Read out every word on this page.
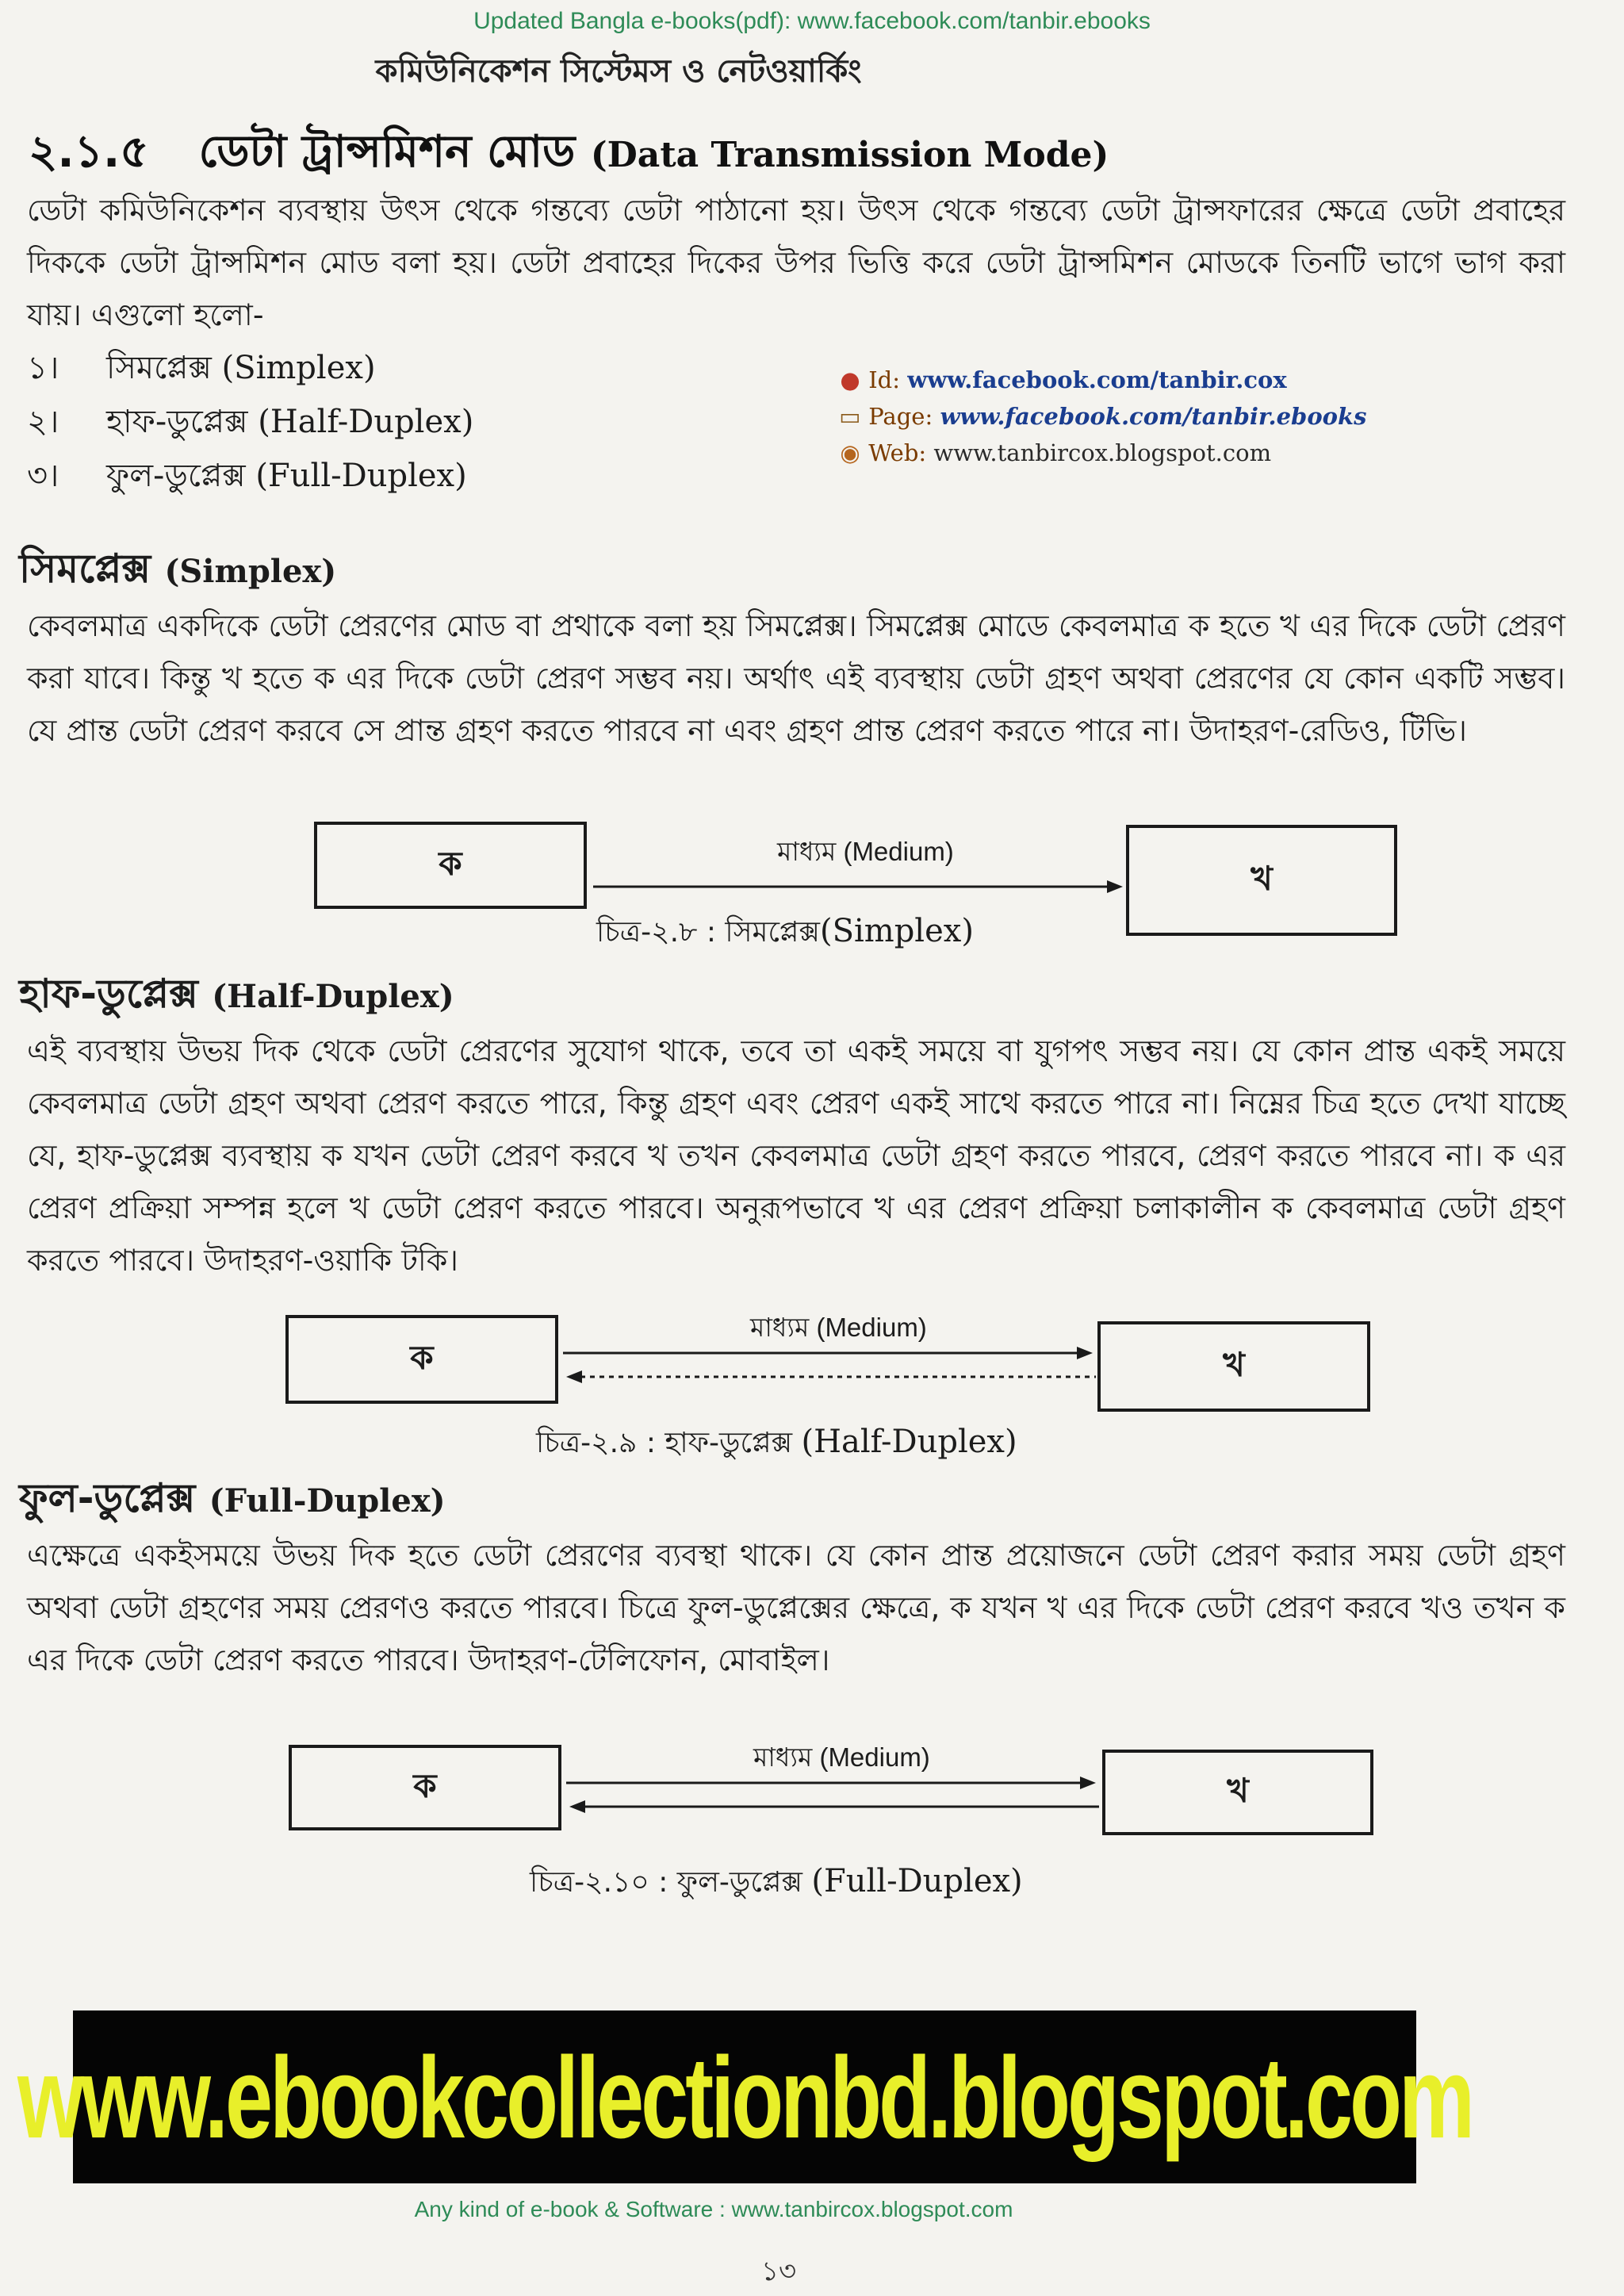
Updated Bangla e-books(pdf): www.facebook.com/tanbir.ebooks
কমিউনিকেশন সিস্টেমস ও নেটওয়ার্কিং
২.১.৫ ডেটা ট্রান্সমিশন মোড (Data Transmission Mode)

ডেটা কমিউনিকেশন ব্যবস্থায় উৎস থেকে গন্তব্যে ডেটা পাঠানো হয়। উৎস থেকে গন্তব্যে ডেটা ট্রান্সফারের ক্ষেত্রে ডেটা প্রবাহের দিককে ডেটা ট্রান্সমিশন মোড বলা হয়। ডেটা প্রবাহের দিকের উপর ভিত্তি করে ডেটা ট্রান্সমিশন মোডকে তিনটি ভাগে ভাগ করা যায়। এগুলো হলো-

১। সিমপ্লেক্স (Simplex)
২। হাফ-ডুপ্লেক্স (Half-Duplex)
৩। ফুল-ডুপ্লেক্স (Full-Duplex)
● Id: www.facebook.com/tanbir.cox
▭ Page: www.facebook.com/tanbir.ebooks
◉ Web: www.tanbircox.blogspot.com
সিমপ্লেক্স (Simplex)

কেবলমাত্র একদিকে ডেটা প্রেরণের মোড বা প্রথাকে বলা হয় সিমপ্লেক্স। সিমপ্লেক্স মোডে কেবলমাত্র ক হতে খ এর দিকে ডেটা প্রেরণ করা যাবে। কিন্তু খ হতে ক এর দিকে ডেটা প্রেরণ সম্ভব নয়। অর্থাৎ এই ব্যবস্থায় ডেটা গ্রহণ অথবা প্রেরণের যে কোন একটি সম্ভব। যে প্রান্ত ডেটা প্রেরণ করবে সে প্রান্ত গ্রহণ করতে পারবে না এবং গ্রহণ প্রান্ত প্রেরণ করতে পারে না। উদাহরণ-রেডিও, টিভি।

ক	খ
মাধ্যম (Medium)
চিত্র-২.৮ : সিমপ্লেক্স(Simplex)
হাফ-ডুপ্লেক্স (Half-Duplex)

এই ব্যবস্থায় উভয় দিক থেকে ডেটা প্রেরণের সুযোগ থাকে, তবে তা একই সময়ে বা যুগপৎ সম্ভব নয়। যে কোন প্রান্ত একই সময়ে কেবলমাত্র ডেটা গ্রহণ অথবা প্রেরণ করতে পারে, কিন্তু গ্রহণ এবং প্রেরণ একই সাথে করতে পারে না। নিম্নের চিত্র হতে দেখা যাচ্ছে যে, হাফ-ডুপ্লেক্স ব্যবস্থায় ক যখন ডেটা প্রেরণ করবে খ তখন কেবলমাত্র ডেটা গ্রহণ করতে পারবে, প্রেরণ করতে পারবে না। ক এর প্রেরণ প্রক্রিয়া সম্পন্ন হলে খ ডেটা প্রেরণ করতে পারবে। অনুরূপভাবে খ এর প্রেরণ প্রক্রিয়া চলাকালীন ক কেবলমাত্র ডেটা গ্রহণ করতে পারবে। উদাহরণ-ওয়াকি টকি।

ক	খ
মাধ্যম (Medium)
চিত্র-২.৯ : হাফ-ডুপ্লেক্স (Half-Duplex)
ফুল-ডুপ্লেক্স (Full-Duplex)

এক্ষেত্রে একইসময়ে উভয় দিক হতে ডেটা প্রেরণের ব্যবস্থা থাকে। যে কোন প্রান্ত প্রয়োজনে ডেটা প্রেরণ করার সময় ডেটা গ্রহণ অথবা ডেটা গ্রহণের সময় প্রেরণও করতে পারবে। চিত্রে ফুল-ডুপ্লেক্সের ক্ষেত্রে, ক যখন খ এর দিকে ডেটা প্রেরণ করবে খও তখন ক এর দিকে ডেটা প্রেরণ করতে পারবে। উদাহরণ-টেলিফোন, মোবাইল।

ক	খ
মাধ্যম (Medium)
চিত্র-২.১০ : ফুল-ডুপ্লেক্স (Full-Duplex)
www.ebookcollectionbd.blogspot.com
Any kind of e-book & Software : www.tanbircox.blogspot.com
১৩
